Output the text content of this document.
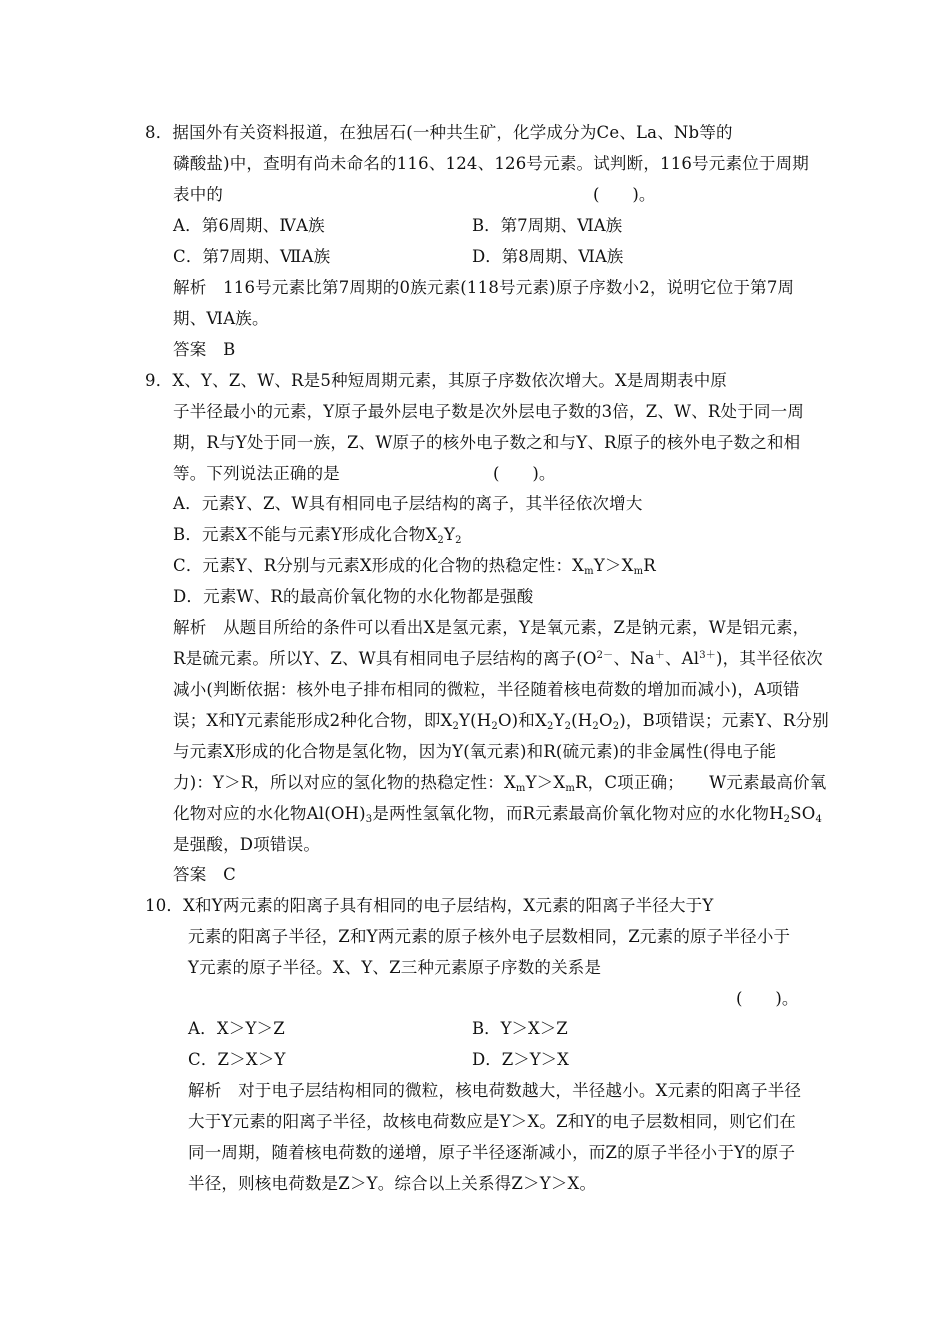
8．据国外有关资料报道，在独居石(一种共生矿，化学成分为Ce、La、Nb等的
磷酸盐)中，查明有尚未命名的116、124、126号元素。试判断，116号元素位于周期
表中的	(　　)。
A．第6周期、ⅣA族	B．第7周期、ⅥA族
C．第7周期、ⅦA族	D．第8周期、ⅥA族
解析　116号元素比第7周期的0族元素(118号元素)原子序数小2，说明它位于第7周
期、ⅥA族。
答案　B
9．X、Y、Z、W、R是5种短周期元素，其原子序数依次增大。X是周期表中原
子半径最小的元素，Y原子最外层电子数是次外层电子数的3倍，Z、W、R处于同一周
期，R与Y处于同一族，Z、W原子的核外电子数之和与Y、R原子的核外电子数之和相
等。下列说法正确的是	(　　)。
A．元素Y、Z、W具有相同电子层结构的离子，其半径依次增大
B．元素X不能与元素Y形成化合物$X_2Y_2$
C．元素Y、R分别与元素X形成的化合物的热稳定性：$X_mY>X_mR$
D．元素W、R的最高价氧化物的水化物都是强酸
解析　从题目所给的条件可以看出X是氢元素，Y是氧元素，Z是钠元素，W是铝元素，
R是硫元素。所以Y、Z、W具有相同电子层结构的离子($O^{2-}$、Na＋、$Al^{3+}$)，其半径依次
减小(判断依据：核外电子排布相同的微粒，半径随着核电荷数的增加而减小)，A项错
误；X和Y元素能形成2种化合物，即$X_2Y(H_2O)$和$X_2Y_2(H_2O_2)$，B项错误；元素Y、R分别
与元素X形成的化合物是氢化物，因为Y(氧元素)和R(硫元素)的非金属性(得电子能
力)：Y＞R，所以对应的氢化物的热稳定性：$X_mY>X_mR$，C项正确；　　W元素最高价氧
化物对应的水化物$Al(OH)_3$是两性氢氧化物，而R元素最高价氧化物对应的水化物$H_2SO_4$
是强酸，D项错误。
答案　C
10．X和Y两元素的阳离子具有相同的电子层结构，X元素的阳离子半径大于Y
元素的阳离子半径，Z和Y两元素的原子核外电子层数相同，Z元素的原子半径小于
Y元素的原子半径。X、Y、Z三种元素原子序数的关系是
(　　)。
A．X＞Y＞Z	B．Y＞X＞Z
C．Z＞X＞Y	D．Z＞Y＞X
解析　对于电子层结构相同的微粒，核电荷数越大，半径越小。X元素的阳离子半径
大于Y元素的阳离子半径，故核电荷数应是Y＞X。Z和Y的电子层数相同，则它们在
同一周期，随着核电荷数的递增，原子半径逐渐减小，而Z的原子半径小于Y的原子
半径，则核电荷数是Z＞Y。综合以上关系得Z＞Y＞X。
